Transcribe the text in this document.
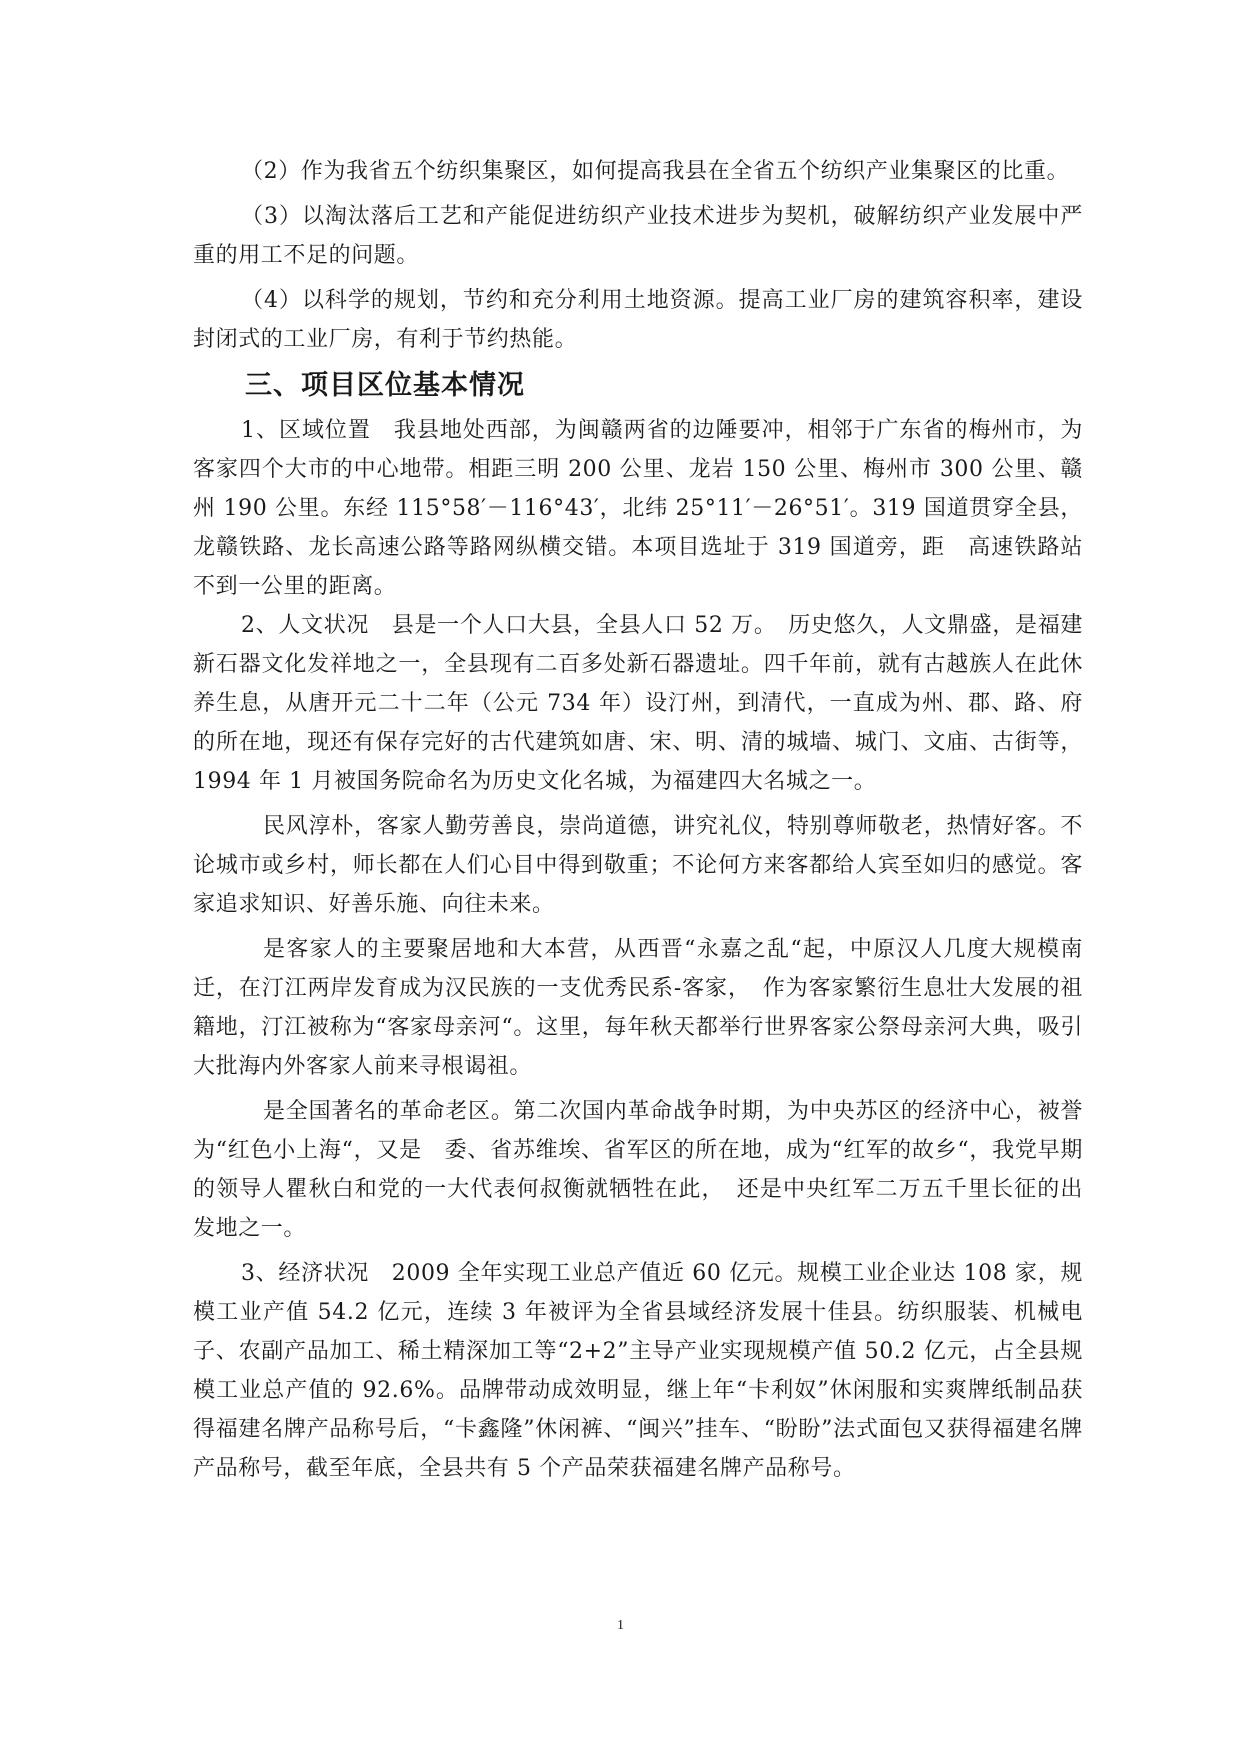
（2）作为我省五个纺织集聚区，如何提高我县在全省五个纺织产业集聚区的比重。

（3）以淘汰落后工艺和产能促进纺织产业技术进步为契机，破解纺织产业发展中严重的用工不足的问题。

（4）以科学的规划，节约和充分利用土地资源。提高工业厂房的建筑容积率，建设封闭式的工业厂房，有利于节约热能。

三、项目区位基本情况

1、区域位置　我县地处西部，为闽赣两省的边陲要冲，相邻于广东省的梅州市，为客家四个大市的中心地带。相距三明 200 公里、龙岩 150 公里、梅州市 300 公里、赣州 190 公里。东经 115°58′－116°43′，北纬 25°11′－26°51′。319 国道贯穿全县，龙赣铁路、龙长高速公路等路网纵横交错。本项目选址于 319 国道旁，距　高速铁路站不到一公里的距离。

2、人文状况　县是一个人口大县，全县人口 52 万。　历史悠久，人文鼎盛，是福建新石器文化发祥地之一，全县现有二百多处新石器遗址。四千年前，就有古越族人在此休养生息，从唐开元二十二年（公元 734 年）设汀州，到清代，一直成为州、郡、路、府的所在地，现还有保存完好的古代建筑如唐、宋、明、清的城墙、城门、文庙、古街等，1994 年 1 月被国务院命名为历史文化名城，为福建四大名城之一。

民风淳朴，客家人勤劳善良，崇尚道德，讲究礼仪，特别尊师敬老，热情好客。不论城市或乡村，师长都在人们心目中得到敬重；不论何方来客都给人宾至如归的感觉。客家追求知识、好善乐施、向往未来。

是客家人的主要聚居地和大本营，从西晋“永嘉之乱“起，中原汉人几度大规模南迁，在汀江两岸发育成为汉民族的一支优秀民系-客家，　作为客家繁衍生息壮大发展的祖籍地，汀江被称为“客家母亲河“。这里，每年秋天都举行世界客家公祭母亲河大典，吸引大批海内外客家人前来寻根谒祖。

是全国著名的革命老区。第二次国内革命战争时期，为中央苏区的经济中心，被誉为“红色小上海“，又是　委、省苏维埃、省军区的所在地，成为“红军的故乡“，我党早期的领导人瞿秋白和党的一大代表何叔衡就牺牲在此，　还是中央红军二万五千里长征的出发地之一。

3、经济状况　2009 全年实现工业总产值近 60 亿元。规模工业企业达 108 家，规模工业产值 54.2 亿元，连续 3 年被评为全省县域经济发展十佳县。纺织服装、机械电子、农副产品加工、稀土精深加工等“2+2”主导产业实现规模产值 50.2 亿元，占全县规模工业总产值的 92.6%。品牌带动成效明显，继上年“卡利奴”休闲服和实爽牌纸制品获得福建名牌产品称号后，“卡鑫隆”休闲裤、“闽兴”挂车、“盼盼”法式面包又获得福建名牌产品称号，截至年底，全县共有 5 个产品荣获福建名牌产品称号。

1
